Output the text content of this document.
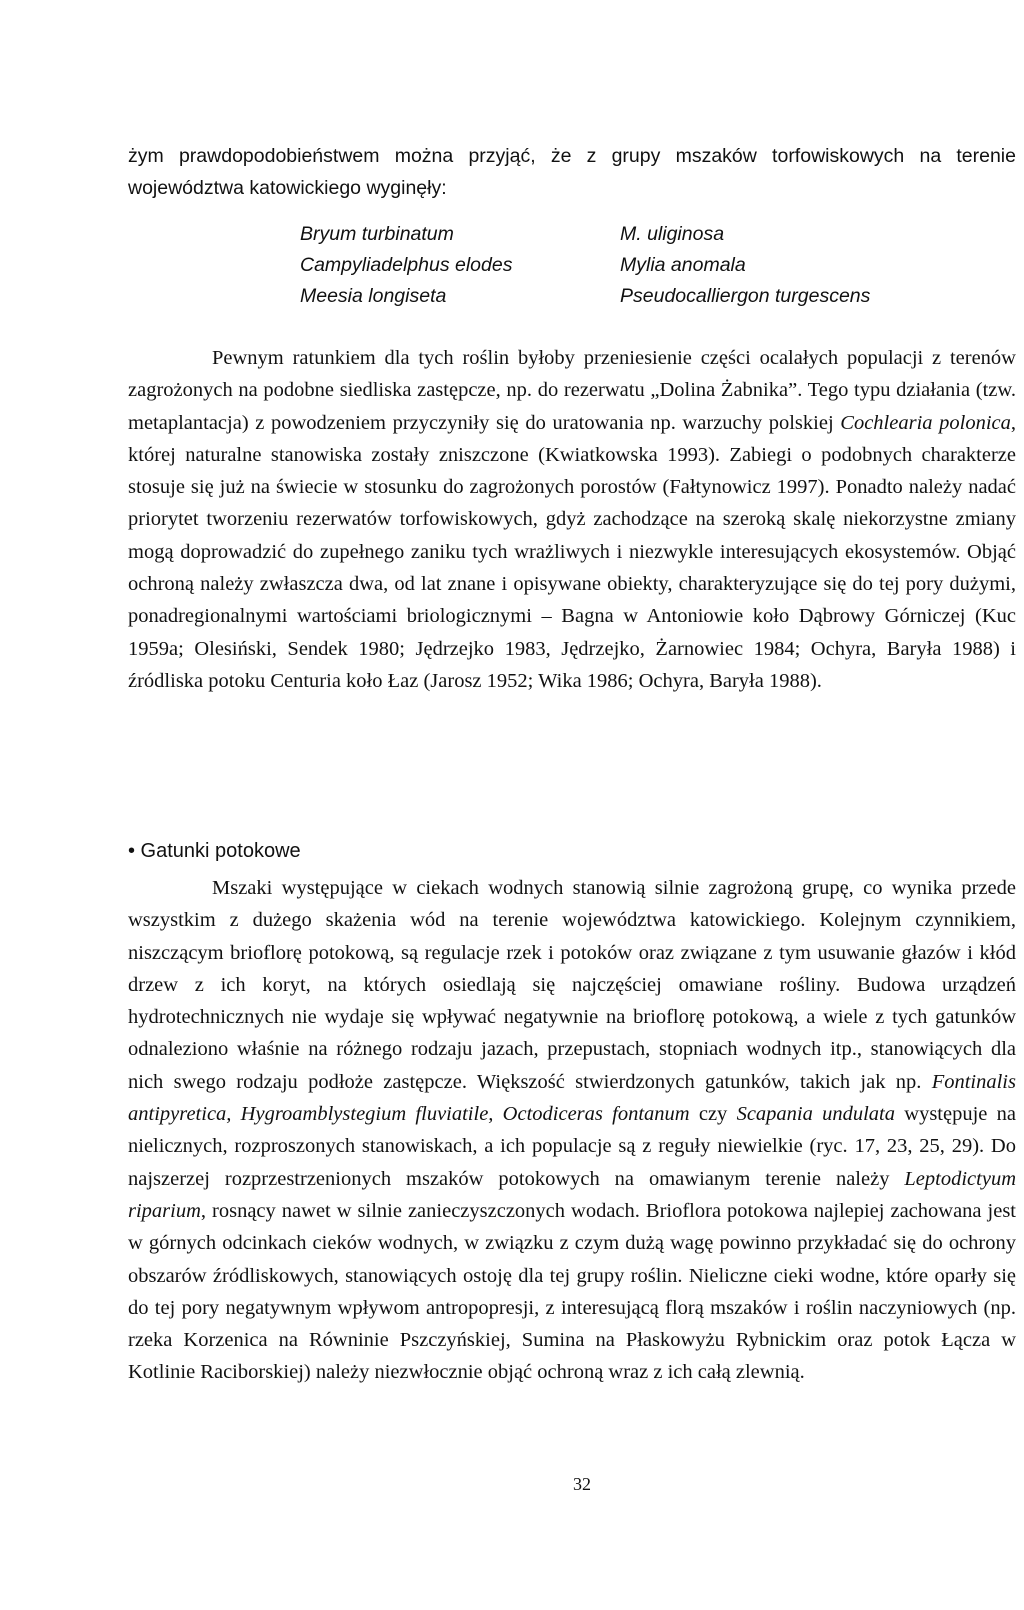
żym prawdopodobieństwem można przyjąć, że z grupy mszaków torfowiskowych na terenie województwa katowickiego wyginęły:

Bryum turbinatum	M. uliginosa
Campyliadelphus elodes	Mylia anomala
Meesia longiseta	Pseudocalliergon turgescens

Pewnym ratunkiem dla tych roślin byłoby przeniesienie części ocalałych populacji z terenów zagrożonych na podobne siedliska zastępcze, np. do rezerwatu „Dolina Żabnika”. Tego typu działania (tzw. metaplantacja) z powodzeniem przyczyniły się do uratowania np. warzuchy polskiej Cochlearia polonica, której naturalne stanowiska zostały zniszczone (Kwiatkowska 1993). Zabiegi o podobnych charakterze stosuje się już na świecie w stosunku do zagrożonych porostów (Fałtynowicz 1997). Ponadto należy nadać priorytet tworzeniu rezerwatów torfowiskowych, gdyż zachodzące na szeroką skalę niekorzystne zmiany mogą doprowadzić do zupełnego zaniku tych wrażliwych i niezwykle interesujących ekosystemów. Objąć ochroną należy zwłaszcza dwa, od lat znane i opisywane obiekty, charakteryzujące się do tej pory dużymi, ponadregionalnymi wartościami briologicznymi – Bagna w Antoniowie koło Dąbrowy Górniczej (Kuc 1959a; Olesiński, Sendek 1980; Jędrzejko 1983, Jędrzejko, Żarnowiec 1984; Ochyra, Baryła 1988) i źródliska potoku Centuria koło Łaz (Jarosz 1952; Wika 1986; Ochyra, Baryła 1988).

• Gatunki potokowe

Mszaki występujące w ciekach wodnych stanowią silnie zagrożoną grupę, co wynika przede wszystkim z dużego skażenia wód na terenie województwa katowickiego. Kolejnym czynnikiem, niszczącym brioflorę potokową, są regulacje rzek i potoków oraz związane z tym usuwanie głazów i kłód drzew z ich koryt, na których osiedlają się najczęściej omawiane rośliny. Budowa urządzeń hydrotechnicznych nie wydaje się wpływać negatywnie na brioflorę potokową, a wiele z tych gatunków odnaleziono właśnie na różnego rodzaju jazach, przepustach, stopniach wodnych itp., stanowiących dla nich swego rodzaju podłoże zastępcze. Większość stwierdzonych gatunków, takich jak np. Fontinalis antipyretica, Hygroamblystegium fluviatile, Octodiceras fontanum czy Scapania undulata występuje na nielicznych, rozproszonych stanowiskach, a ich populacje są z reguły niewielkie (ryc. 17, 23, 25, 29). Do najszerzej rozprzestrzenionych mszaków potokowych na omawianym terenie należy Leptodictyum riparium, rosnący nawet w silnie zanieczyszczonych wodach. Brioflora potokowa najlepiej zachowana jest w górnych odcinkach cieków wodnych, w związku z czym dużą wagę powinno przykładać się do ochrony obszarów źródliskowych, stanowiących ostoję dla tej grupy roślin. Nieliczne cieki wodne, które oparły się do tej pory negatywnym wpływom antropopresji, z interesującą florą mszaków i roślin naczyniowych (np. rzeka Korzenica na Równinie Pszczyńskiej, Sumina na Płaskowyżu Rybnickim oraz potok Łącza w Kotlinie Raciborskiej) należy niezwłocznie objąć ochroną wraz z ich całą zlewnią.

32
